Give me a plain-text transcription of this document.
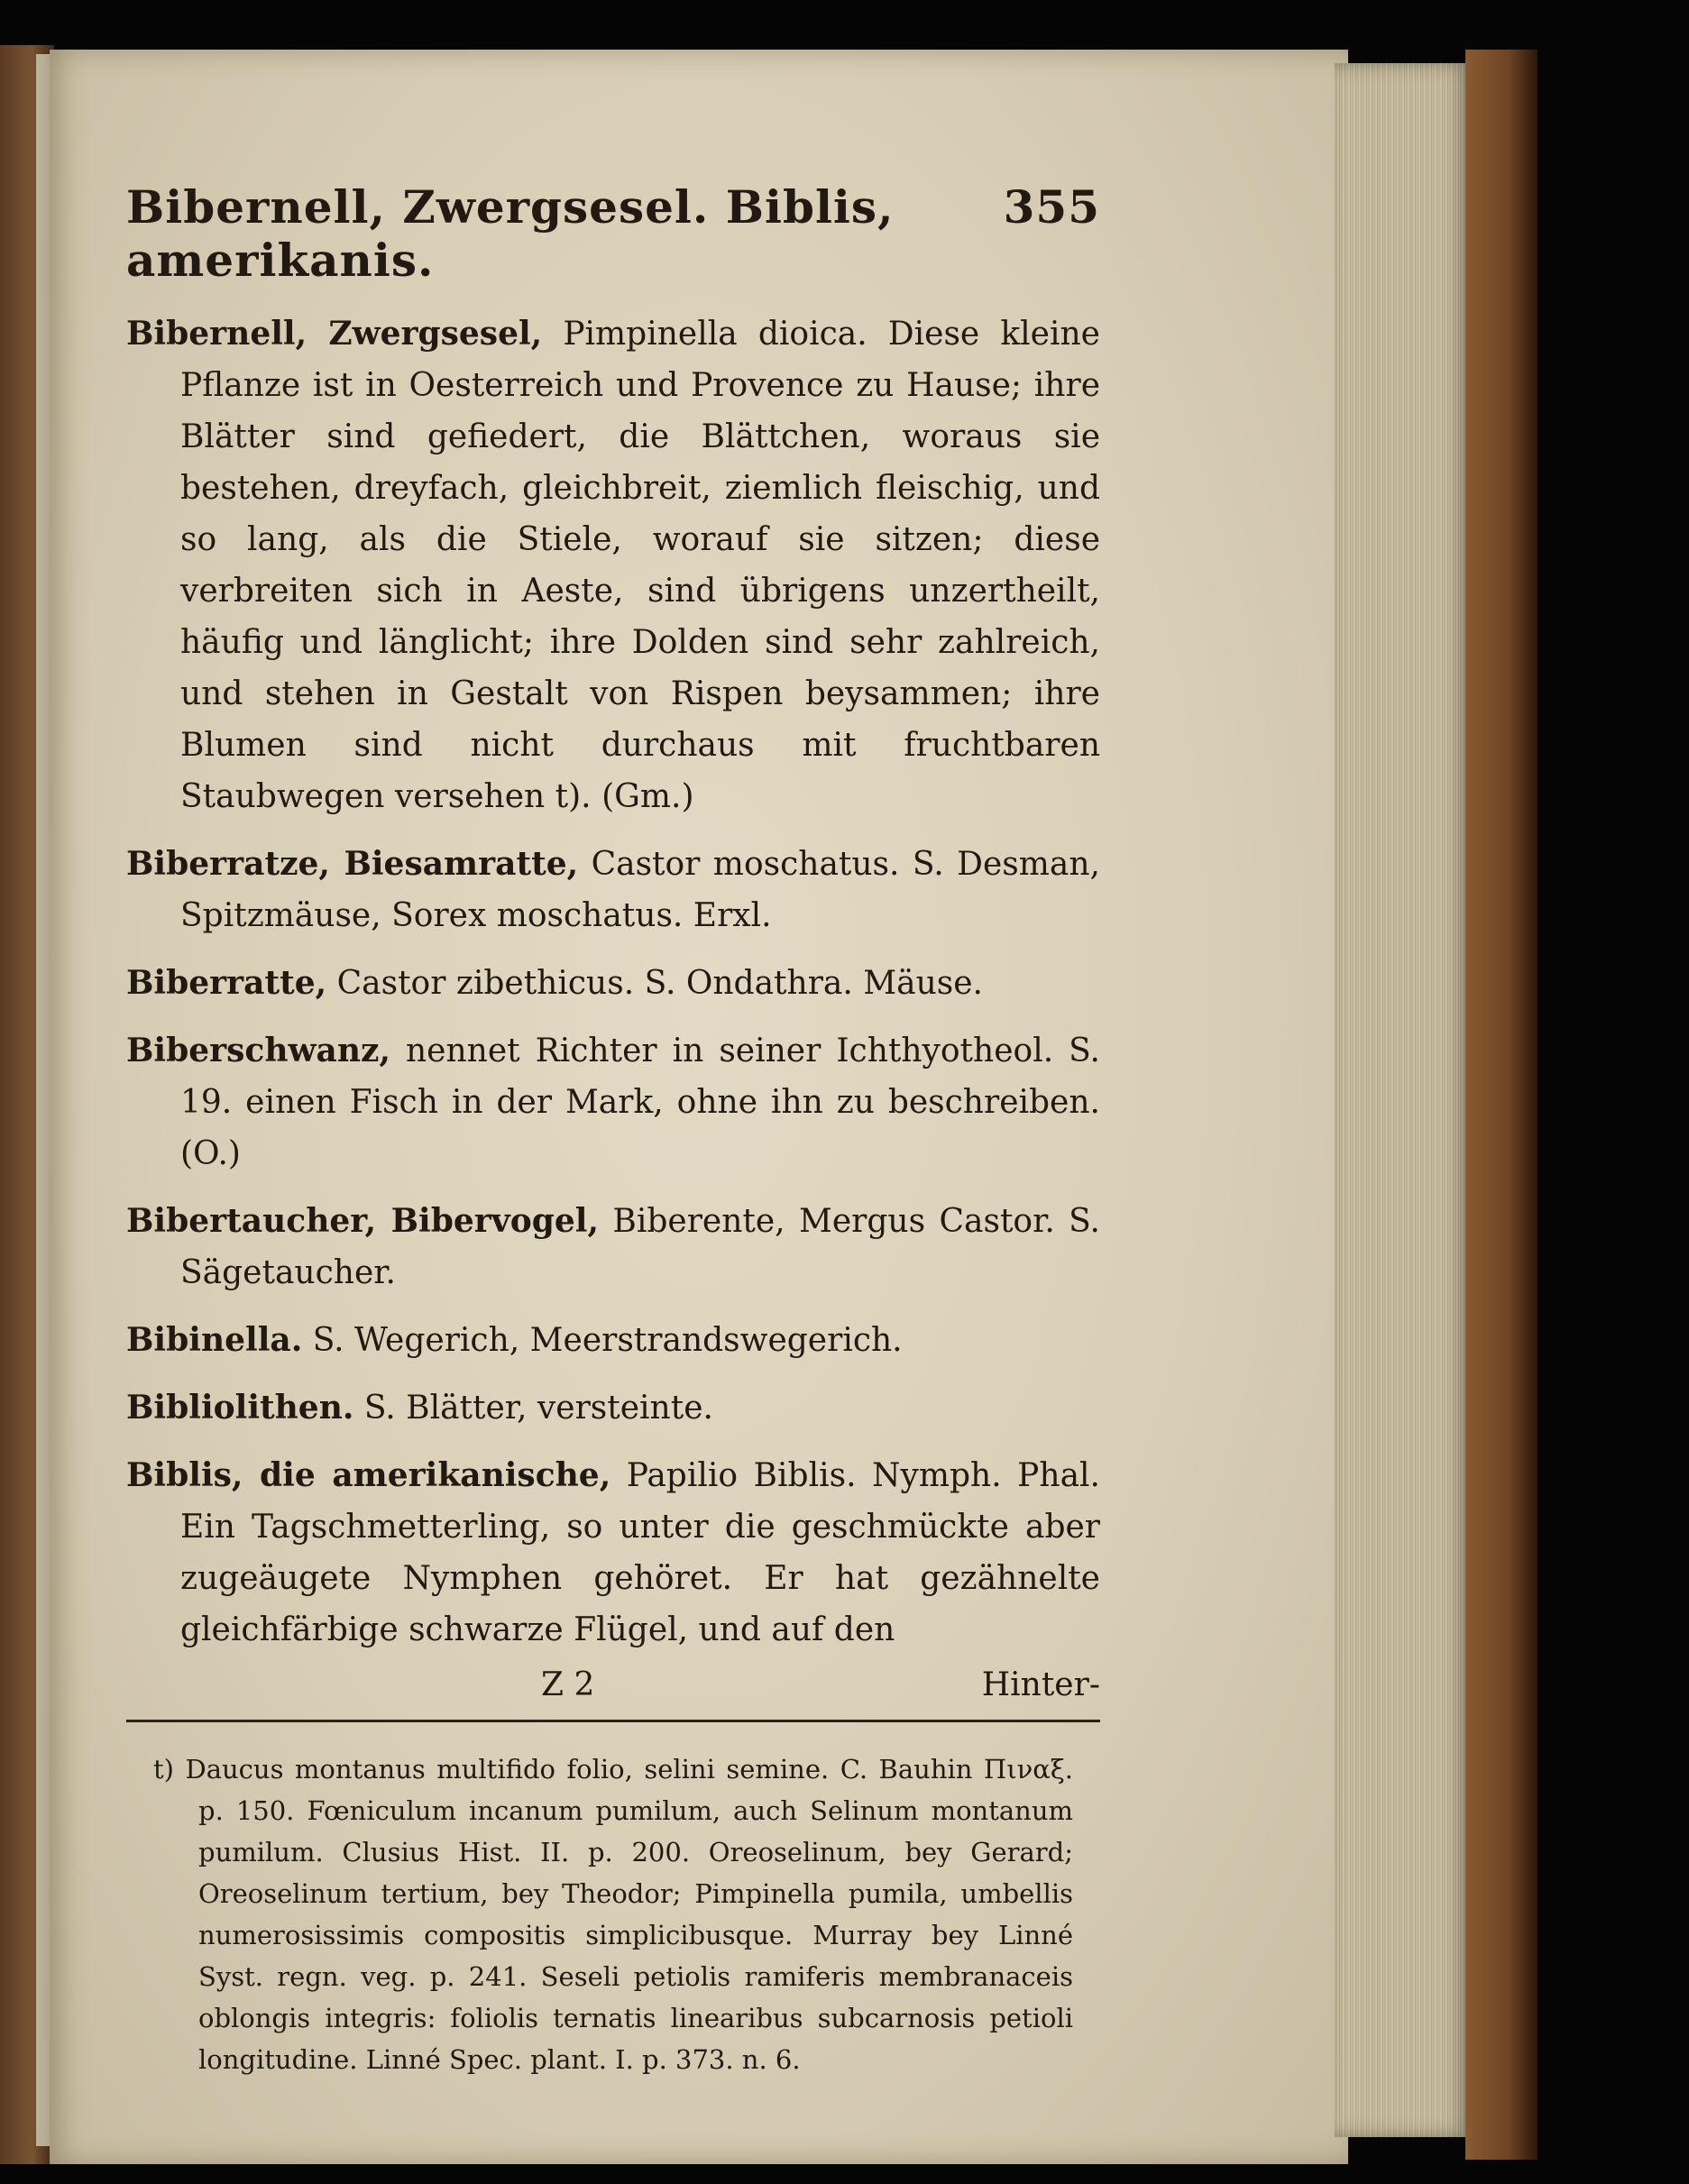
Bibernell, Zwergsesel. Biblis, amerikanis.
355

Bibernell, Zwergsesel, Pimpinella dioica. Diese kleine Pflanze ist in Oesterreich und Provence zu Hause; ihre Blätter sind gefiedert, die Blättchen, woraus sie bestehen, dreyfach, gleichbreit, ziemlich fleischig, und so lang, als die Stiele, worauf sie sitzen; diese verbreiten sich in Aeste, sind übrigens unzertheilt, häufig und länglicht; ihre Dolden sind sehr zahlreich, und stehen in Gestalt von Rispen beysammen; ihre Blumen sind nicht durchaus mit fruchtbaren Staubwegen versehen t). (Gm.)

Biberratze, Biesamratte, Castor moschatus. S. Desman, Spitzmäuse, Sorex moschatus. Erxl.

Biberratte, Castor zibethicus. S. Ondathra. Mäuse.

Biberschwanz, nennet Richter in seiner Ichthyotheol. S. 19. einen Fisch in der Mark, ohne ihn zu beschreiben. (O.)

Bibertaucher, Bibervogel, Biberente, Mergus Castor. S. Sägetaucher.

Bibinella. S. Wegerich, Meerstrandswegerich.

Bibliolithen. S. Blätter, versteinte.

Biblis, die amerikanische, Papilio Biblis. Nymph. Phal. Ein Tagschmetterling, so unter die geschmückte aber zugeäugete Nymphen gehöret. Er hat gezähnelte gleichfärbige schwarze Flügel, und auf den

Z 2	Hinter-

t) Daucus montanus multifido folio, selini semine. C. Bauhin Πιναξ. p. 150. Fœniculum incanum pumilum, auch Selinum montanum pumilum. Clusius Hist. II. p. 200. Oreoselinum, bey Gerard; Oreoselinum tertium, bey Theodor; Pimpinella pumila, umbellis numerosissimis compositis simplicibusque. Murray bey Linné Syst. regn. veg. p. 241. Seseli petiolis ramiferis membranaceis oblongis integris: foliolis ternatis linearibus subcarnosis petioli longitudine. Linné Spec. plant. I. p. 373. n. 6.
